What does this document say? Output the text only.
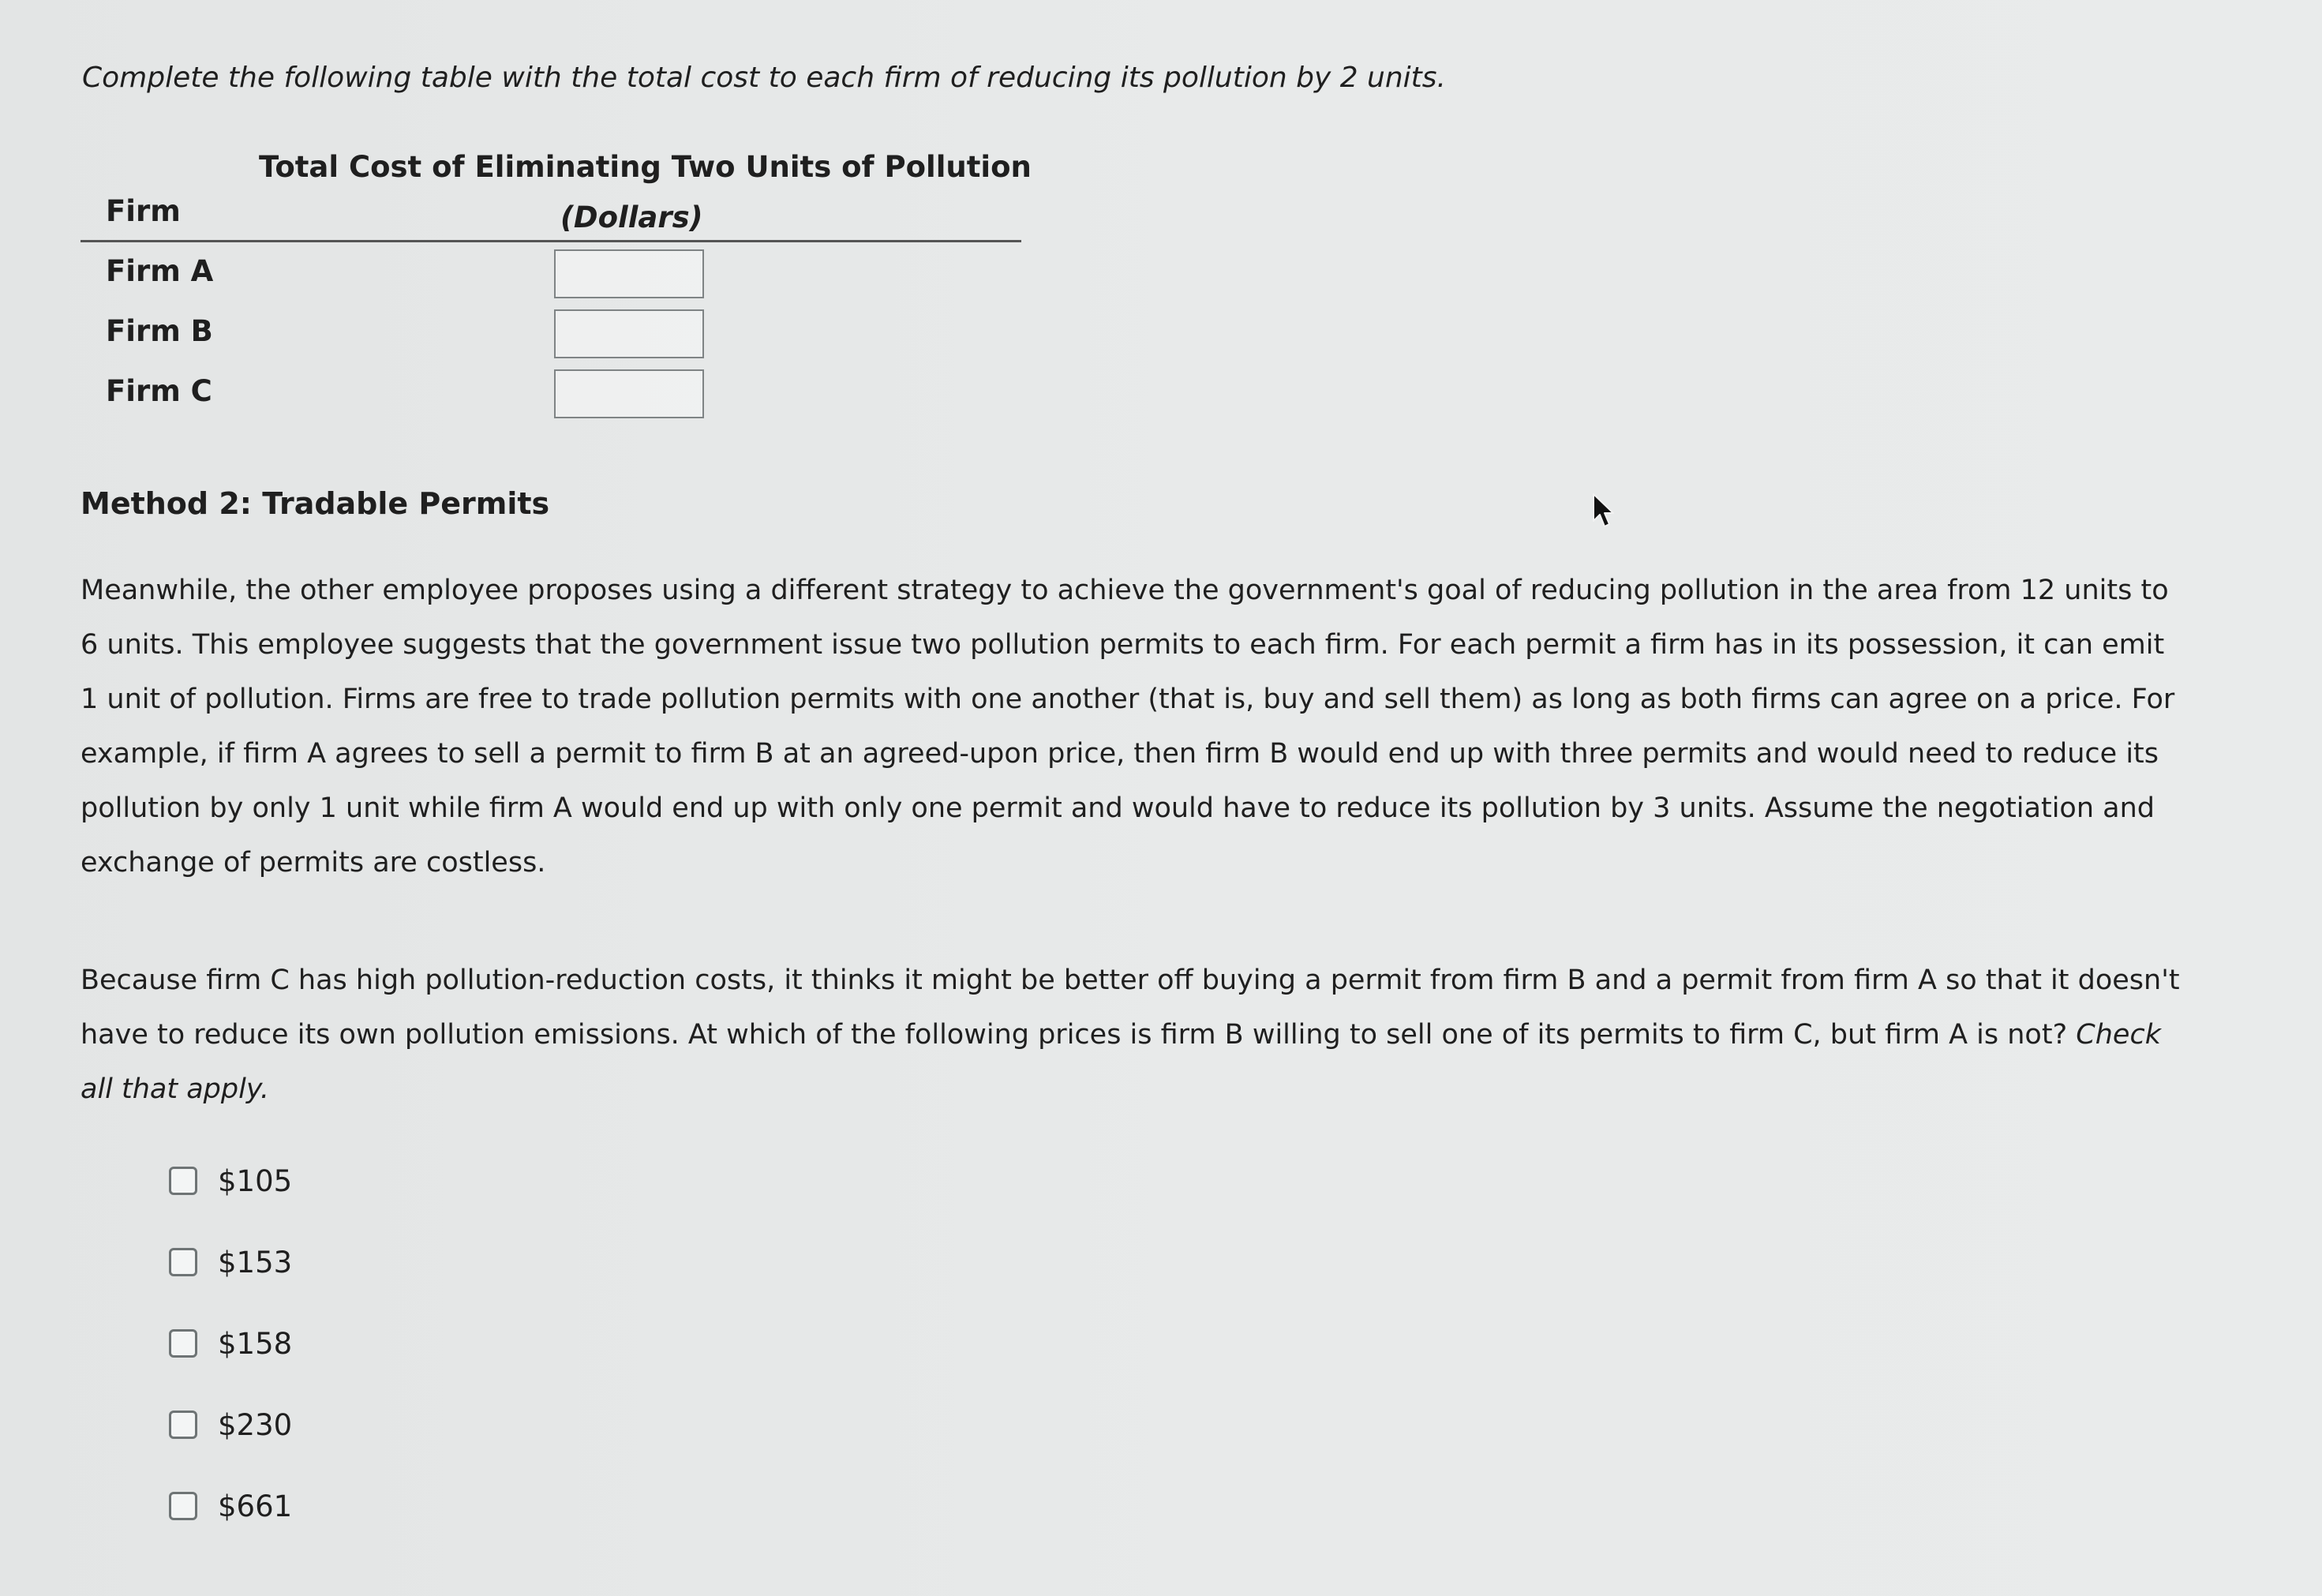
Complete the following table with the total cost to each firm of reducing its pollution by 2 units.
Total Cost of Eliminating Two Units of Pollution
Firm	(Dollars)
Firm A
Firm B
Firm C
Method 2: Tradable Permits

Meanwhile, the other employee proposes using a different strategy to achieve the government's goal of reducing pollution in the area from 12 units to 6 units. This employee suggests that the government issue two pollution permits to each firm. For each permit a firm has in its possession, it can emit 1 unit of pollution. Firms are free to trade pollution permits with one another (that is, buy and sell them) as long as both firms can agree on a price. For example, if firm A agrees to sell a permit to firm B at an agreed-upon price, then firm B would end up with three permits and would need to reduce its pollution by only 1 unit while firm A would end up with only one permit and would have to reduce its pollution by 3 units. Assume the negotiation and exchange of permits are costless.

Because firm C has high pollution-reduction costs, it thinks it might be better off buying a permit from firm B and a permit from firm A so that it doesn't have to reduce its own pollution emissions. At which of the following prices is firm B willing to sell one of its permits to firm C, but firm A is not? Check all that apply.

$105
$153
$158
$230
$661
